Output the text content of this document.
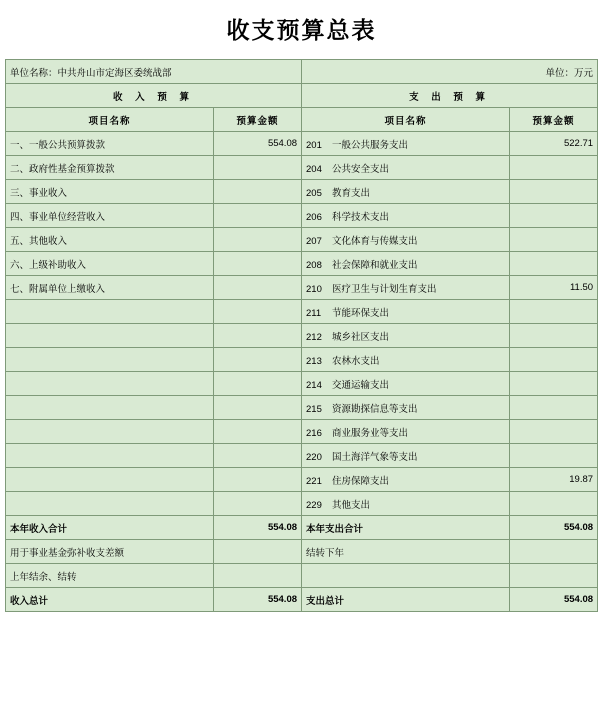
收支预算总表
单位名称：中共舟山市定海区委统战部		单位：万元	
收 入 预 算		支 出 预 算	
项目名称	预算金额	项目名称	预算金额
一、一般公共预算拨款	554.08	201 一般公共服务支出	522.71
二、政府性基金预算拨款		204 公共安全支出	
三、事业收入		205 教育支出	
四、事业单位经营收入		206 科学技术支出	
五、其他收入		207 文化体育与传媒支出	
六、上级补助收入		208 社会保障和就业支出	
七、附属单位上缴收入		210 医疗卫生与计划生育支出	11.50
		211 节能环保支出	
		212 城乡社区支出	
		213 农林水支出	
		214 交通运输支出	
		215 资源勘探信息等支出	
		216 商业服务业等支出	
		220 国土海洋气象等支出	
		221 住房保障支出	19.87
		229 其他支出	
本年收入合计	554.08	本年支出合计	554.08
用于事业基金弥补收支差额		结转下年	
上年结余、结转			
收入总计	554.08	支出总计	554.08
